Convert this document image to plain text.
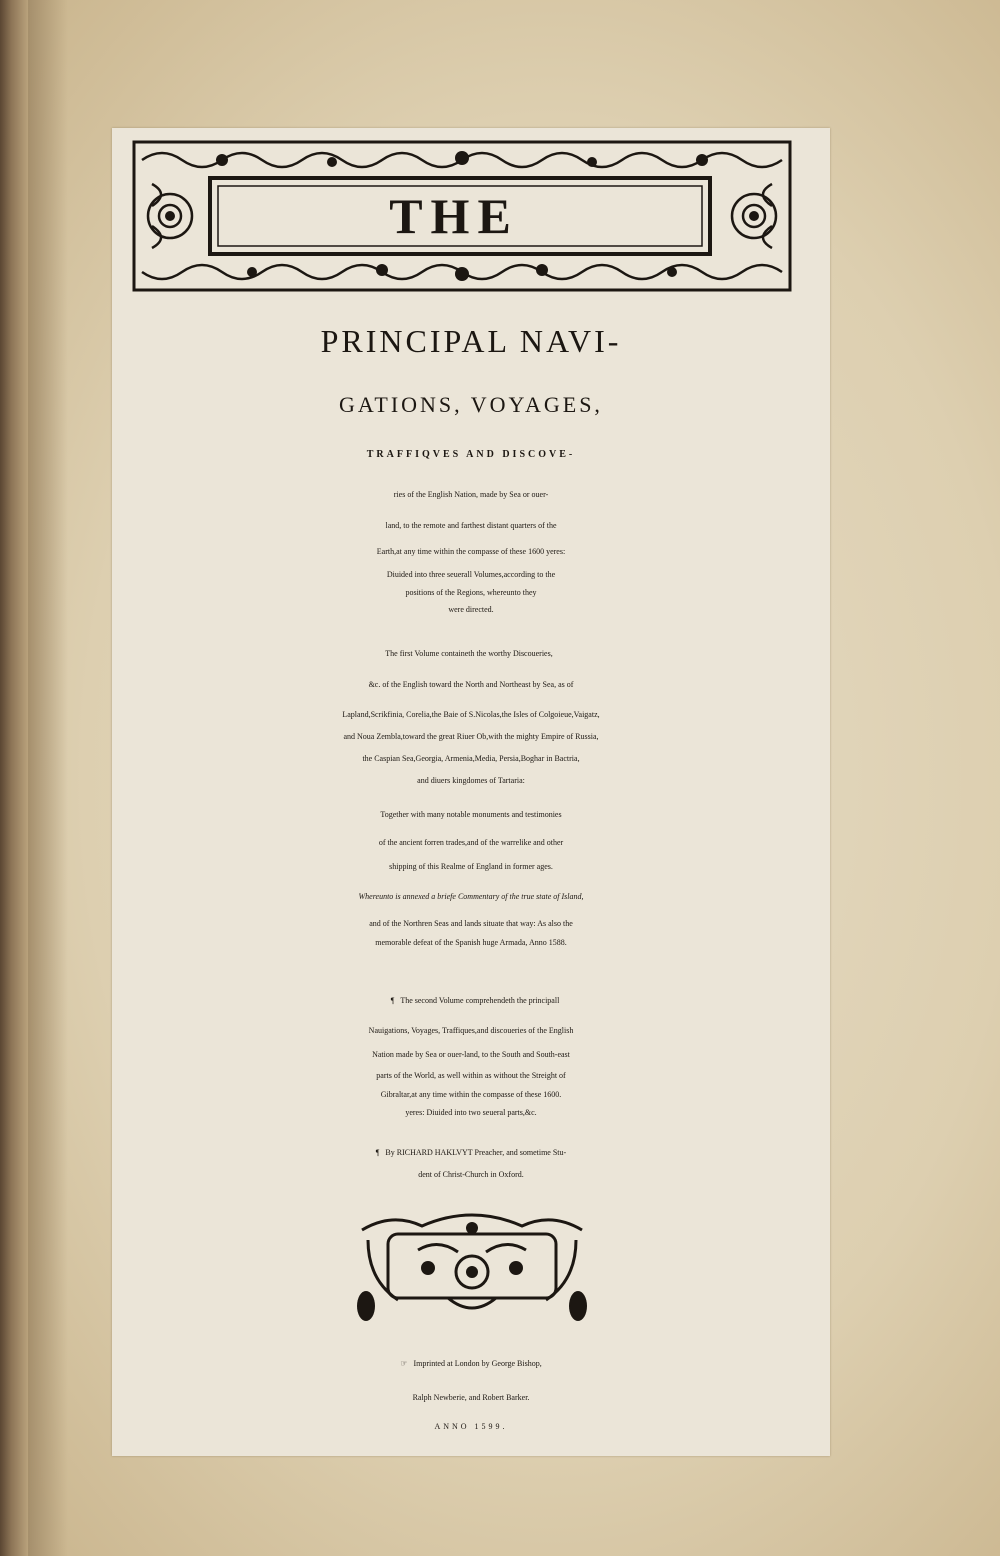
THE
PRINCIPAL NAVI-
GATIONS, VOYAGES,
TRAFFIQVES AND DISCOVE-
ries of the English Nation, made by Sea or ouer-
land, to the remote and farthest distant quarters of the
Earth,at any time within the compasse of these 1600 yeres:
Diuided into three seuerall Volumes,according to the
positions of the Regions, whereunto they
were directed.
The first Volume containeth the worthy Discoueries,
&c. of the English toward the North and Northeast by Sea, as of
Lapland,Scrikfinia, Corelia,the Baie of S.Nicolas,the Isles of Colgoieue,Vaigatz,
and Noua Zembla,toward the great Riuer Ob,with the mighty Empire of Russia,
the Caspian Sea,Georgia, Armenia,Media, Persia,Boghar in Bactria,
and diuers kingdomes of Tartaria:
Together with many notable monuments and testimonies
of the ancient forren trades,and of the warrelike and other
shipping of this Realme of England in former ages.
Whereunto is annexed a briefe Commentary of the true state of Island,
and of the Northren Seas and lands situate that way: As also the
memorable defeat of the Spanish huge Armada, Anno 1588.
¶ The second Volume comprehendeth the principall
Nauigations, Voyages, Traffiques,and discoueries of the English
Nation made by Sea or ouer-land, to the South and South-east
parts of the World, as well within as without the Streight of
Gibraltar,at any time within the compasse of these 1600.
yeres: Diuided into two seueral parts,&c.
¶ By RICHARD HAKLVYT Preacher, and sometime Stu-
dent of Christ-Church in Oxford.
☞ Imprinted at London by George Bishop,
Ralph Newberie, and Robert Barker.
ANNO 1599.
